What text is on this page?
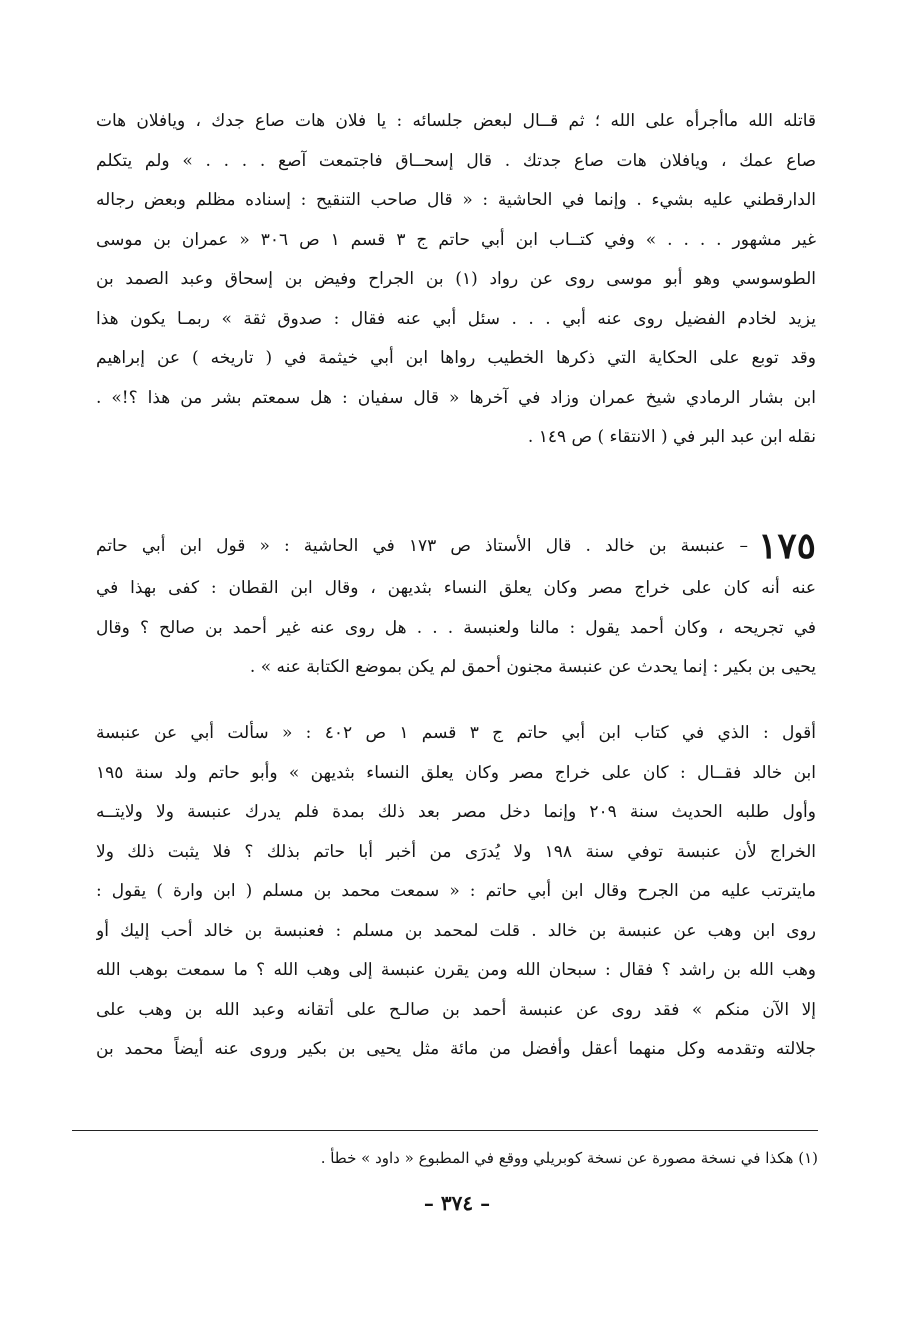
قاتله الله ماأجرأه على الله ؛ ثم قــال لبعض جلسائه : يا فلان هات صاع جدك ، ويافلان هات
صاع عمك ، ويافلان هات صاع جدتك . قال إسحــاق فاجتمعت آصع . . . . » ولم يتكلم
الدارقطني عليه بشيء . وإنما في الحاشية : « قال صاحب التنقيح : إسناده مظلم وبعض رجاله
غير مشهور . . . . » وفي كتــاب ابن أبي حاتم ج ٣ قسم ١ ص ٣٠٦ « عمران بن موسى
الطوسوسي وهو أبو موسى روى عن رواد (١) بن الجراح وفيض بن إسحاق وعبد الصمد بن
يزيد لخادم الفضيل روى عنه أبي . . . سئل أبي عنه فقال : صدوق ثقة » ربمـا يكون هذا
وقد توبع على الحكاية التي ذكرها الخطيب رواها ابن أبي خيثمة في ( تاريخه ) عن إبراهيم
ابن بشار الرمادي شيخ عمران وزاد في آخرها « قال سفيان : هل سمعتم بشر من هذا ؟!» .
نقله ابن عبد البر في ( الانتقاء ) ص ١٤٩ .
١٧٥– عنبسة بن خالد . قال الأستاذ ص ١٧٣ في الحاشية : « قول ابن أبي حاتم
عنه أنه كان على خراج مصر وكان يعلق النساء بثديهن ، وقال ابن القطان : كفى بهذا في
في تجريحه ، وكان أحمد يقول : مالنا ولعنبسة . . . هل روى عنه غير أحمد بن صالح ؟ وقال
يحيى بن بكير : إنما يحدث عن عنبسة مجنون أحمق لم يكن بموضع الكتابة عنه » .
أقول : الذي في كتاب ابن أبي حاتم ج ٣ قسم ١ ص ٤٠٢ : « سألت أبي عن عنبسة
ابن خالد فقــال : كان على خراج مصر وكان يعلق النساء بثديهن » وأبو حاتم ولد سنة ١٩٥
وأول طلبه الحديث سنة ٢٠٩ وإنما دخل مصر بعد ذلك بمدة فلم يدرك عنبسة ولا ولايتــه
الخراج لأن عنبسة توفي سنة ١٩٨ ولا يُدرَى من أخبر أبا حاتم بذلك ؟ فلا يثبت ذلك ولا
مايترتب عليه من الجرح وقال ابن أبي حاتم : « سمعت محمد بن مسلم ( ابن وارة ) يقول :
روى ابن وهب عن عنبسة بن خالد . قلت لمحمد بن مسلم : فعنبسة بن خالد أحب إليك أو
وهب الله بن راشد ؟ فقال : سبحان الله ومن يقرن عنبسة إلى وهب الله ؟ ما سمعت بوهب الله
إلا الآن منكم » فقد روى عن عنبسة أحمد بن صالـح على أتقانه وعبد الله بن وهب على
جلالته وتقدمه وكل منهما أعقل وأفضل من مائة مثل يحيى بن بكير وروى عنه أيضاً محمد بن
(١) هكذا في نسخة مصورة عن نسخة كوبريلي ووقع في المطبوع « داود » خطأ .
– ٣٧٤ –
